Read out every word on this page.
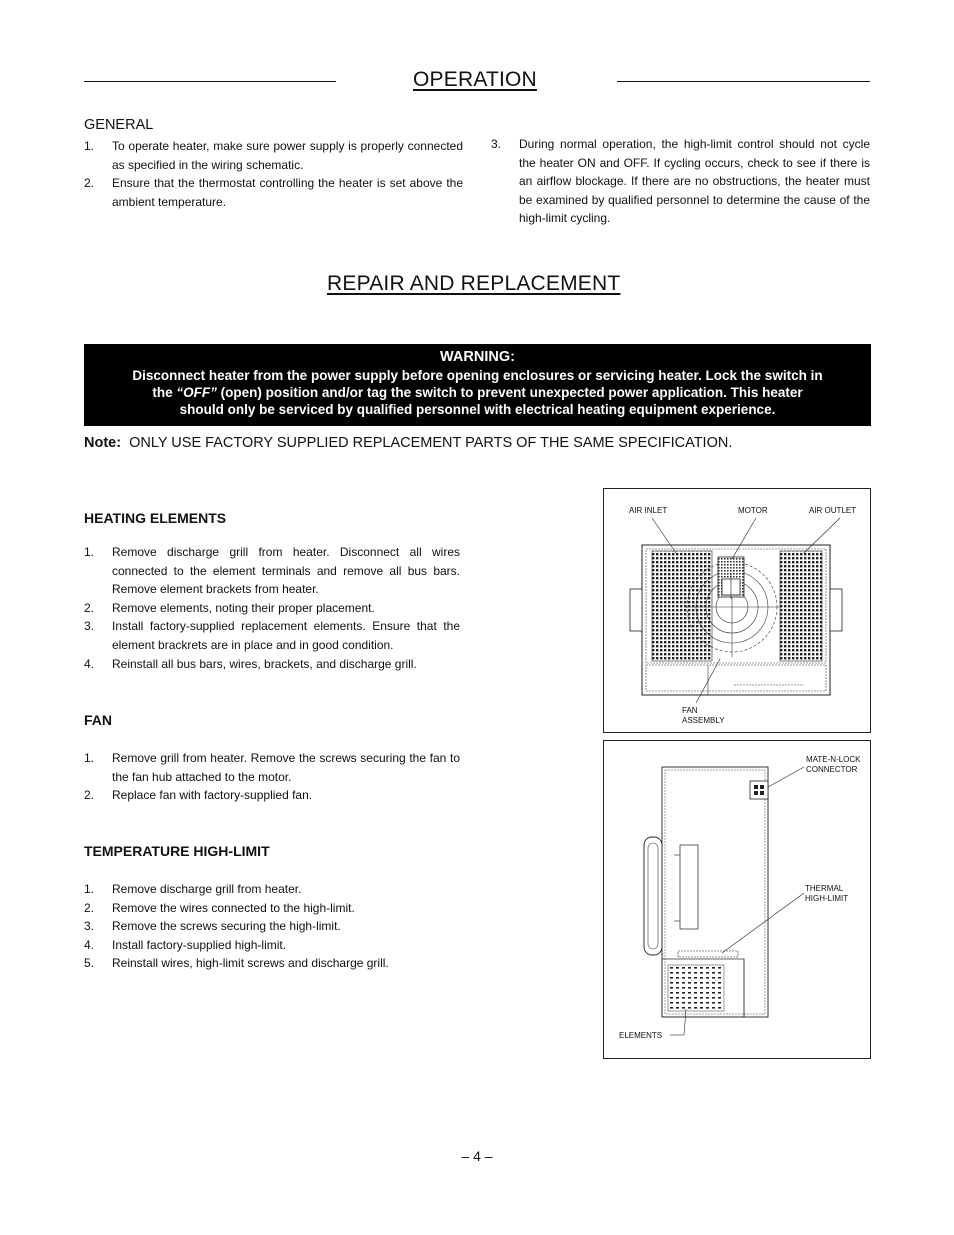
OPERATION
GENERAL
1. To operate heater, make sure power supply is properly connected as specified in the wiring schematic.
2. Ensure that the thermostat controlling the heater is set above the ambient temperature.
3. During normal operation, the high-limit control should not cycle the heater ON and OFF. If cycling occurs, check to see if there is an airflow blockage. If there are no obstructions, the heater must be examined by qualified personnel to determine the cause of the high-limit cycling.
REPAIR AND REPLACEMENT
WARNING:
Disconnect heater from the power supply before opening enclosures or servicing heater. Lock the switch in
the “OFF” (open) position and/or tag the switch to prevent unexpected power application. This heater
should only be serviced by qualified personnel with electrical heating equipment experience.
Note: ONLY USE FACTORY SUPPLIED REPLACEMENT PARTS OF THE SAME SPECIFICATION.
HEATING ELEMENTS
1. Remove discharge grill from heater. Disconnect all wires connected to the element terminals and remove all bus bars. Remove element brackets from heater.
2. Remove elements, noting their proper placement.
3. Install factory-supplied replacement elements. Ensure that the element brackrets are in place and in good condition.
4. Reinstall all bus bars, wires, brackets, and discharge grill.
FAN
1. Remove grill from heater. Remove the screws securing the fan to the fan hub attached to the motor.
2. Replace fan with factory-supplied fan.
TEMPERATURE HIGH-LIMIT
1. Remove discharge grill from heater.
2. Remove the wires connected to the high-limit.
3. Remove the screws securing the high-limit.
4. Install factory-supplied high-limit.
5. Reinstall wires, high-limit screws and discharge grill.
AIR INLET	MOTOR	AIR OUTLET
FAN
ASSEMBLY
MATE-N-LOCK
CONNECTOR
THERMAL
HIGH-LIMIT
ELEMENTS
– 4 –
